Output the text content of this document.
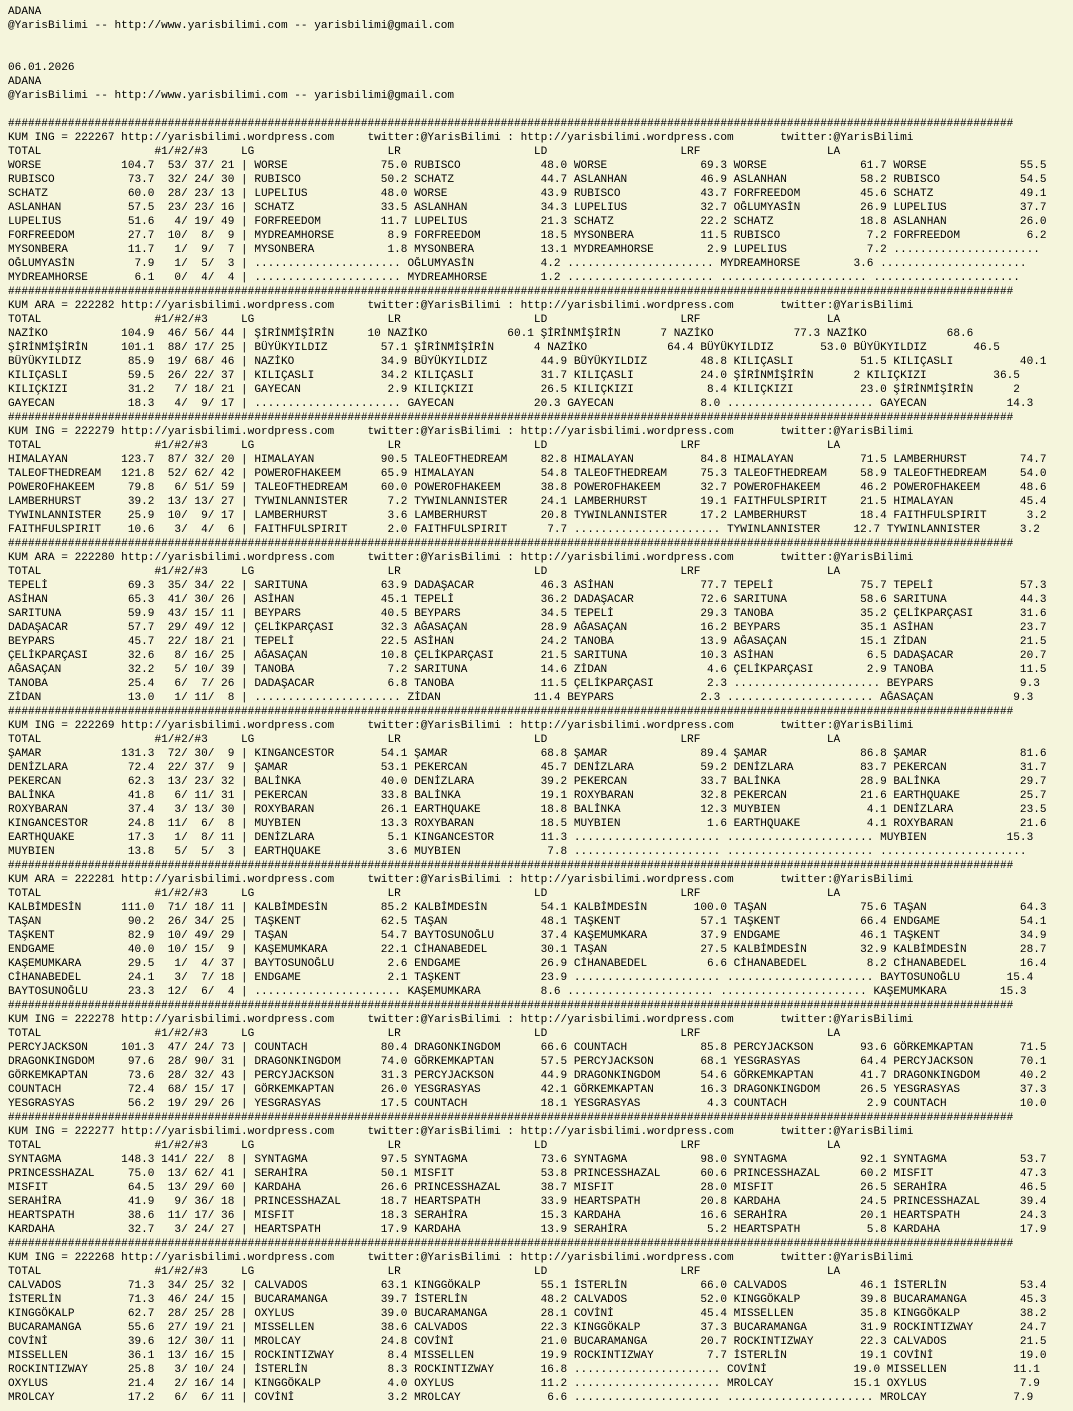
ADANA
@YarisBilimi -- http://www.yarisbilimi.com -- yarisbilimi@gmail.com
06.01.2026
ADANA
@YarisBilimi -- http://www.yarisbilimi.com -- yarisbilimi@gmail.com
#######################################################################################################################################################
KUM ING = 222267 http://yarisbilimi.wordpress.com     twitter:@YarisBilimi : http://yarisbilimi.wordpress.com       twitter:@YarisBilimi
TOTAL                 #1/#2/#3     LG                    LR                    LD                    LRF                   LA
WORSE            104.7  53/ 37/ 21 | WORSE              75.0 RUBISCO            48.0 WORSE              69.3 WORSE              61.7 WORSE              55.5
RUBISCO           73.7  32/ 24/ 30 | RUBISCO            50.2 SCHATZ             44.7 ASLANHAN           46.9 ASLANHAN           58.2 RUBISCO            54.5
SCHATZ            60.0  28/ 23/ 13 | LUPELIUS           48.0 WORSE              43.9 RUBISCO            43.7 FORFREEDOM         45.6 SCHATZ             49.1
ASLANHAN          57.5  23/ 23/ 16 | SCHATZ             33.5 ASLANHAN           34.3 LUPELIUS           32.7 OĞLUMYASİN         26.9 LUPELIUS           37.7
LUPELIUS          51.6   4/ 19/ 49 | FORFREEDOM         11.7 LUPELIUS           21.3 SCHATZ             22.2 SCHATZ             18.8 ASLANHAN           26.0
FORFREEDOM        27.7  10/  8/  9 | MYDREAMHORSE        8.9 FORFREEDOM         18.5 MYSONBERA          11.5 RUBISCO             7.2 FORFREEDOM          6.2
MYSONBERA         11.7   1/  9/  7 | MYSONBERA           1.8 MYSONBERA          13.1 MYDREAMHORSE        2.9 LUPELIUS            7.2 ......................
OĞLUMYASİN         7.9   1/  5/  3 | ...................... OĞLUMYASİN          4.2 ...................... MYDREAMHORSE        3.6 ......................
MYDREAMHORSE       6.1   0/  4/  4 | ...................... MYDREAMHORSE        1.2 ...................... ...................... ......................
#######################################################################################################################################################
KUM ARA = 222282 http://yarisbilimi.wordpress.com     twitter:@YarisBilimi : http://yarisbilimi.wordpress.com       twitter:@YarisBilimi
TOTAL                 #1/#2/#3     LG                    LR                    LD                    LRF                   LA
NAZİKO           104.9  46/ 56/ 44 | ŞİRİNMİŞİRİN     10 NAZİKO            60.1 ŞİRİNMİŞİRİN      7 NAZİKO            77.3 NAZİKO            68.6
ŞİRİNMİŞİRİN     101.1  88/ 17/ 25 | BÜYÜKYILDIZ        57.1 ŞİRİNMİŞİRİN      4 NAZİKO            64.4 BÜYÜKYILDIZ       53.0 BÜYÜKYILDIZ       46.5
BÜYÜKYILDIZ       85.9  19/ 68/ 46 | NAZİKO             34.9 BÜYÜKYILDIZ        44.9 BÜYÜKYILDIZ        48.8 KILIÇASLI          51.5 KILIÇASLI          40.1
KILIÇASLI         59.5  26/ 22/ 37 | KILIÇASLI          34.2 KILIÇASLI          31.7 KILIÇASLI          24.0 ŞİRİNMİŞİRİN      2 KILIÇKIZI          36.5
KILIÇKIZI         31.2   7/ 18/ 21 | GAYECAN             2.9 KILIÇKIZI          26.5 KILIÇKIZI           8.4 KILIÇKIZI          23.0 ŞİRİNMİŞİRİN      2
GAYECAN           18.3   4/  9/ 17 | ...................... GAYECAN            20.3 GAYECAN             8.0 ...................... GAYECAN            14.3
#######################################################################################################################################################
KUM ING = 222279 http://yarisbilimi.wordpress.com     twitter:@YarisBilimi : http://yarisbilimi.wordpress.com       twitter:@YarisBilimi
TOTAL                 #1/#2/#3     LG                    LR                    LD                    LRF                   LA
HIMALAYAN        123.7  87/ 32/ 20 | HIMALAYAN          90.5 TALEOFTHEDREAM     82.8 HIMALAYAN          84.8 HIMALAYAN          71.5 LAMBERHURST        74.7
TALEOFTHEDREAM   121.8  52/ 62/ 42 | POWEROFHAKEEM      65.9 HIMALAYAN          54.8 TALEOFTHEDREAM     75.3 TALEOFTHEDREAM     58.9 TALEOFTHEDREAM     54.0
POWEROFHAKEEM     79.8   6/ 51/ 59 | TALEOFTHEDREAM     60.0 POWEROFHAKEEM      38.8 POWEROFHAKEEM      32.7 POWEROFHAKEEM      46.2 POWEROFHAKEEM      48.6
LAMBERHURST       39.2  13/ 13/ 27 | TYWINLANNISTER      7.2 TYWINLANNISTER     24.1 LAMBERHURST        19.1 FAITHFULSPIRIT     21.5 HIMALAYAN          45.4
TYWINLANNISTER    25.9  10/  9/ 17 | LAMBERHURST         3.6 LAMBERHURST        20.8 TYWINLANNISTER     17.2 LAMBERHURST        18.4 FAITHFULSPIRIT      3.2
FAITHFULSPIRIT    10.6   3/  4/  6 | FAITHFULSPIRIT      2.0 FAITHFULSPIRIT      7.7 ...................... TYWINLANNISTER     12.7 TYWINLANNISTER      3.2
#######################################################################################################################################################
KUM ARA = 222280 http://yarisbilimi.wordpress.com     twitter:@YarisBilimi : http://yarisbilimi.wordpress.com       twitter:@YarisBilimi
TOTAL                 #1/#2/#3     LG                    LR                    LD                    LRF                   LA
TEPELİ            69.3  35/ 34/ 22 | SARITUNA           63.9 DADAŞACAR          46.3 ASİHAN             77.7 TEPELİ             75.7 TEPELİ             57.3
ASİHAN            65.3  41/ 30/ 26 | ASİHAN             45.1 TEPELİ             36.2 DADAŞACAR          72.6 SARITUNA           58.6 SARITUNA           44.3
SARITUNA          59.9  43/ 15/ 11 | BEYPARS            40.5 BEYPARS            34.5 TEPELİ             29.3 TANOBA             35.2 ÇELİKPARÇASI       31.6
DADAŞACAR         57.7  29/ 49/ 12 | ÇELİKPARÇASI       32.3 AĞASAÇAN           28.9 AĞASAÇAN           16.2 BEYPARS            35.1 ASİHAN             23.7
BEYPARS           45.7  22/ 18/ 21 | TEPELİ             22.5 ASİHAN             24.2 TANOBA             13.9 AĞASAÇAN           15.1 ZİDAN              21.5
ÇELİKPARÇASI      32.6   8/ 16/ 25 | AĞASAÇAN           10.8 ÇELİKPARÇASI       21.5 SARITUNA           10.3 ASİHAN              6.5 DADAŞACAR          20.7
AĞASAÇAN          32.2   5/ 10/ 39 | TANOBA              7.2 SARITUNA           14.6 ZİDAN               4.6 ÇELİKPARÇASI        2.9 TANOBA             11.5
TANOBA            25.4   6/  7/ 26 | DADAŞACAR           6.8 TANOBA             11.5 ÇELİKPARÇASI        2.3 ...................... BEYPARS             9.3
ZİDAN             13.0   1/ 11/  8 | ...................... ZİDAN              11.4 BEYPARS             2.3 ...................... AĞASAÇAN            9.3
#######################################################################################################################################################
KUM ING = 222269 http://yarisbilimi.wordpress.com     twitter:@YarisBilimi : http://yarisbilimi.wordpress.com       twitter:@YarisBilimi
TOTAL                 #1/#2/#3     LG                    LR                    LD                    LRF                   LA
ŞAMAR            131.3  72/ 30/  9 | KINGANCESTOR       54.1 ŞAMAR              68.8 ŞAMAR              89.4 ŞAMAR              86.8 ŞAMAR              81.6
DENİZLARA         72.4  22/ 37/  9 | ŞAMAR              53.1 PEKERCAN           45.7 DENİZLARA          59.2 DENİZLARA          83.7 PEKERCAN           31.7
PEKERCAN          62.3  13/ 23/ 32 | BALİNKA            40.0 DENİZLARA          39.2 PEKERCAN           33.7 BALİNKA            28.9 BALİNKA            29.7
BALİNKA           41.8   6/ 11/ 31 | PEKERCAN           33.8 BALİNKA            19.1 ROXYBARAN          32.8 PEKERCAN           21.6 EARTHQUAKE         25.7
ROXYBARAN         37.4   3/ 13/ 30 | ROXYBARAN          26.1 EARTHQUAKE         18.8 BALİNKA            12.3 MUYBIEN             4.1 DENİZLARA          23.5
KINGANCESTOR      24.8  11/  6/  8 | MUYBIEN            13.3 ROXYBARAN          18.5 MUYBIEN             1.6 EARTHQUAKE          4.1 ROXYBARAN          21.6
EARTHQUAKE        17.3   1/  8/ 11 | DENİZLARA           5.1 KINGANCESTOR       11.3 ...................... ...................... MUYBIEN            15.3
MUYBIEN           13.8   5/  5/  3 | EARTHQUAKE          3.6 MUYBIEN             7.8 ...................... ...................... ......................
#######################################################################################################################################################
KUM ARA = 222281 http://yarisbilimi.wordpress.com     twitter:@YarisBilimi : http://yarisbilimi.wordpress.com       twitter:@YarisBilimi
TOTAL                 #1/#2/#3     LG                    LR                    LD                    LRF                   LA
KALBİMDESİN      111.0  71/ 18/ 11 | KALBİMDESİN        85.2 KALBİMDESİN        54.1 KALBİMDESİN       100.0 TAŞAN              75.6 TAŞAN              64.3
TAŞAN             90.2  26/ 34/ 25 | TAŞKENT            62.5 TAŞAN              48.1 TAŞKENT            57.1 TAŞKENT            66.4 ENDGAME            54.1
TAŞKENT           82.9  10/ 49/ 29 | TAŞAN              54.7 BAYTOSUNOĞLU       37.4 KAŞEMUMKARA        37.9 ENDGAME            46.1 TAŞKENT            34.9
ENDGAME           40.0  10/ 15/  9 | KAŞEMUMKARA        22.1 CİHANABEDEL        30.1 TAŞAN              27.5 KALBİMDESİN        32.9 KALBİMDESİN        28.7
KAŞEMUMKARA       29.5   1/  4/ 37 | BAYTOSUNOĞLU        2.6 ENDGAME            26.9 CİHANABEDEL         6.6 CİHANABEDEL         8.2 CİHANABEDEL        16.4
CİHANABEDEL       24.1   3/  7/ 18 | ENDGAME             2.1 TAŞKENT            23.9 ...................... ...................... BAYTOSUNOĞLU       15.4
BAYTOSUNOĞLU      23.3  12/  6/  4 | ...................... KAŞEMUMKARA         8.6 ...................... ...................... KAŞEMUMKARA        15.3
#######################################################################################################################################################
KUM ING = 222278 http://yarisbilimi.wordpress.com     twitter:@YarisBilimi : http://yarisbilimi.wordpress.com       twitter:@YarisBilimi
TOTAL                 #1/#2/#3     LG                    LR                    LD                    LRF                   LA
PERCYJACKSON     101.3  47/ 24/ 73 | COUNTACH           80.4 DRAGONKINGDOM      66.6 COUNTACH           85.8 PERCYJACKSON       93.6 GÖRKEMKAPTAN       71.5
DRAGONKINGDOM     97.6  28/ 90/ 31 | DRAGONKINGDOM      74.0 GÖRKEMKAPTAN       57.5 PERCYJACKSON       68.1 YESGRASYAS         64.4 PERCYJACKSON       70.1
GÖRKEMKAPTAN      73.6  28/ 32/ 43 | PERCYJACKSON       31.3 PERCYJACKSON       44.9 DRAGONKINGDOM      54.6 GÖRKEMKAPTAN       41.7 DRAGONKINGDOM      40.2
COUNTACH          72.4  68/ 15/ 17 | GÖRKEMKAPTAN       26.0 YESGRASYAS         42.1 GÖRKEMKAPTAN       16.3 DRAGONKINGDOM      26.5 YESGRASYAS         37.3
YESGRASYAS        56.2  19/ 29/ 26 | YESGRASYAS         17.5 COUNTACH           18.1 YESGRASYAS          4.3 COUNTACH            2.9 COUNTACH           10.0
#######################################################################################################################################################
KUM ING = 222277 http://yarisbilimi.wordpress.com     twitter:@YarisBilimi : http://yarisbilimi.wordpress.com       twitter:@YarisBilimi
TOTAL                 #1/#2/#3     LG                    LR                    LD                    LRF                   LA
SYNTAGMA         148.3 141/ 22/  8 | SYNTAGMA           97.5 SYNTAGMA           73.6 SYNTAGMA           98.0 SYNTAGMA           92.1 SYNTAGMA           53.7
PRINCESSHAZAL     75.0  13/ 62/ 41 | SERAHİRA           50.1 MISFIT             53.8 PRINCESSHAZAL      60.6 PRINCESSHAZAL      60.2 MISFIT             47.3
MISFIT            64.5  13/ 29/ 60 | KARDAHA            26.6 PRINCESSHAZAL      38.7 MISFIT             28.0 MISFIT             26.5 SERAHİRA           46.5
SERAHİRA          41.9   9/ 36/ 18 | PRINCESSHAZAL      18.7 HEARTSPATH         33.9 HEARTSPATH         20.8 KARDAHA            24.5 PRINCESSHAZAL      39.4
HEARTSPATH        38.6  11/ 17/ 36 | MISFIT             18.3 SERAHİRA           15.3 KARDAHA            16.6 SERAHİRA           20.1 HEARTSPATH         24.3
KARDAHA           32.7   3/ 24/ 27 | HEARTSPATH         17.9 KARDAHA            13.9 SERAHİRA            5.2 HEARTSPATH          5.8 KARDAHA            17.9
#######################################################################################################################################################
KUM ING = 222268 http://yarisbilimi.wordpress.com     twitter:@YarisBilimi : http://yarisbilimi.wordpress.com       twitter:@YarisBilimi
TOTAL                 #1/#2/#3     LG                    LR                    LD                    LRF                   LA
CALVADOS          71.3  34/ 25/ 32 | CALVADOS           63.1 KINGGÖKALP         55.1 İSTERLİN           66.0 CALVADOS           46.1 İSTERLİN           53.4
İSTERLİN          71.3  46/ 24/ 15 | BUCARAMANGA        39.7 İSTERLİN           48.2 CALVADOS           52.0 KINGGÖKALP         39.8 BUCARAMANGA        45.3
KINGGÖKALP        62.7  28/ 25/ 28 | OXYLUS             39.0 BUCARAMANGA        28.1 COVİNİ             45.4 MISSELLEN          35.8 KINGGÖKALP         38.2
BUCARAMANGA       55.6  27/ 19/ 21 | MISSELLEN          38.6 CALVADOS           22.3 KINGGÖKALP         37.3 BUCARAMANGA        31.9 ROCKINTIZWAY       24.7
COVİNİ            39.6  12/ 30/ 11 | MROLCAY            24.8 COVİNİ             21.0 BUCARAMANGA        20.7 ROCKINTIZWAY       22.3 CALVADOS           21.5
MISSELLEN         36.1  13/ 16/ 15 | ROCKINTIZWAY        8.4 MISSELLEN          19.9 ROCKINTIZWAY        7.7 İSTERLİN           19.1 COVİNİ             19.0
ROCKINTIZWAY      25.8   3/ 10/ 24 | İSTERLİN            8.3 ROCKINTIZWAY       16.8 ...................... COVİNİ             19.0 MISSELLEN          11.1
OXYLUS            21.4   2/ 16/ 14 | KINGGÖKALP          4.0 OXYLUS             11.2 ...................... MROLCAY            15.1 OXYLUS              7.9
MROLCAY           17.2   6/  6/ 11 | COVİNİ              3.2 MROLCAY             6.6 ...................... ...................... MROLCAY             7.9
